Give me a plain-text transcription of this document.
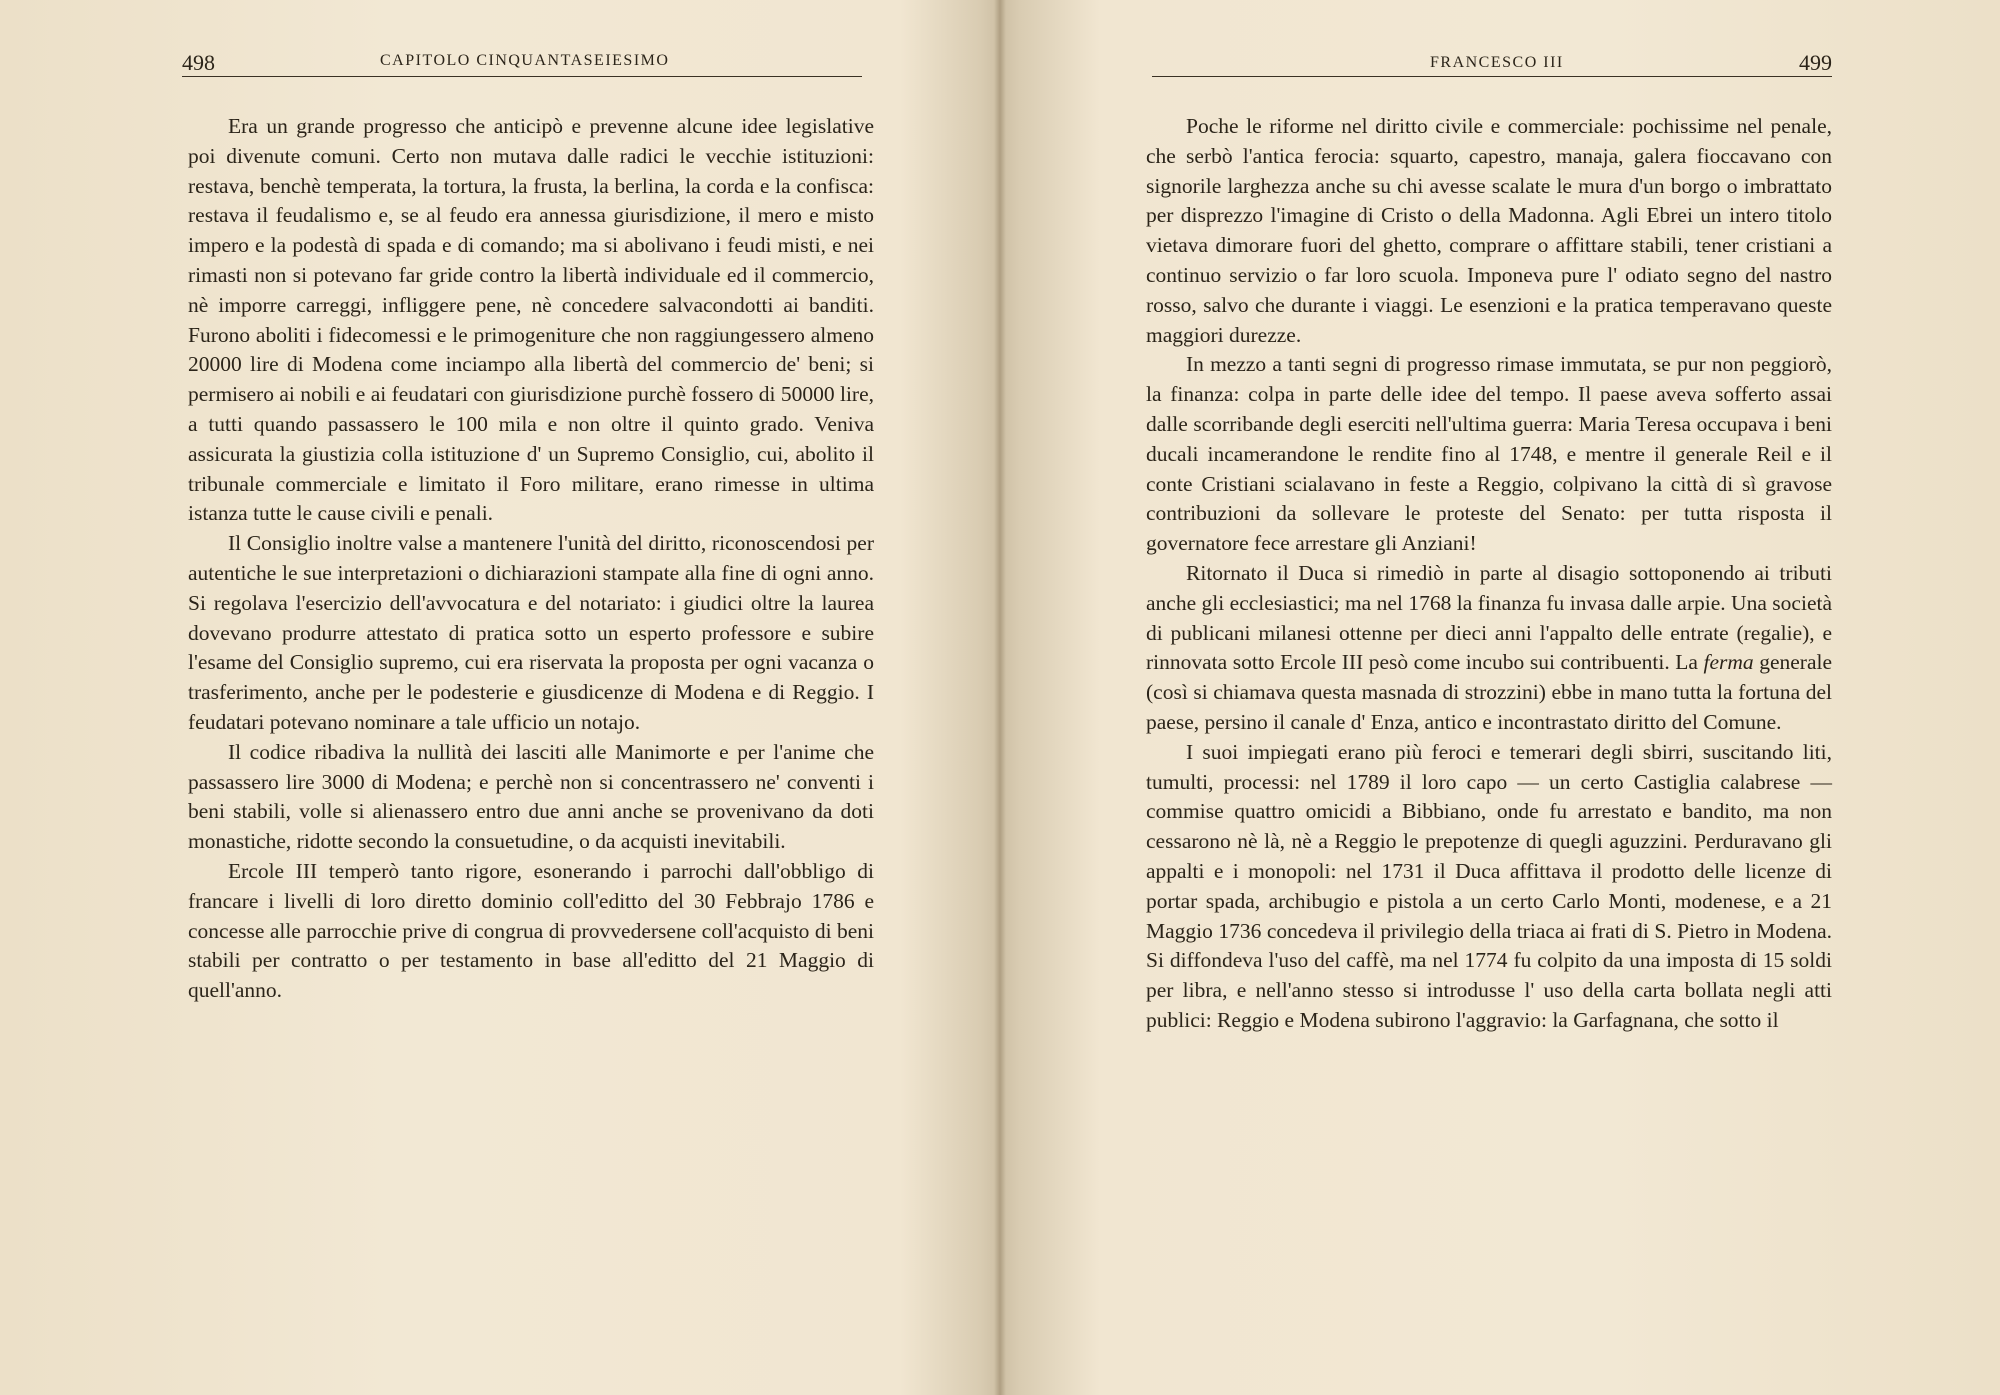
498	CAPITOLO CINQUANTASEIESIMO

Era un grande progresso che anticipò e prevenne alcune idee legislative poi divenute comuni. Certo non mutava dalle radici le vecchie istituzioni: restava, benchè temperata, la tortura, la frusta, la berlina, la corda e la confisca: restava il feudalismo e, se al feudo era annessa giurisdizione, il mero e misto impero e la podestà di spada e di comando; ma si abolivano i feudi misti, e nei rimasti non si potevano far gride contro la libertà individuale ed il commercio, nè imporre carreggi, infliggere pene, nè concedere salvacondotti ai banditi. Furono aboliti i fidecomessi e le primogeniture che non raggiungessero almeno 20000 lire di Modena come inciampo alla libertà del commercio de' beni; si permisero ai nobili e ai feudatari con giurisdizione purchè fossero di 50000 lire, a tutti quando passassero le 100 mila e non oltre il quinto grado. Veniva assicurata la giustizia colla istituzione d' un Supremo Consiglio, cui, abolito il tribunale commerciale e limitato il Foro militare, erano rimesse in ultima istanza tutte le cause civili e penali.

Il Consiglio inoltre valse a mantenere l'unità del diritto, riconoscendosi per autentiche le sue interpretazioni o dichiarazioni stampate alla fine di ogni anno. Si regolava l'esercizio dell'avvocatura e del notariato: i giudici oltre la laurea dovevano produrre attestato di pratica sotto un esperto professore e subire l'esame del Consiglio supremo, cui era riservata la proposta per ogni vacanza o trasferimento, anche per le podesterie e giusdicenze di Modena e di Reggio. I feudatari potevano nominare a tale ufficio un notajo.

Il codice ribadiva la nullità dei lasciti alle Manimorte e per l'anime che passassero lire 3000 di Modena; e perchè non si concentrassero ne' conventi i beni stabili, volle si alienassero entro due anni anche se provenivano da doti monastiche, ridotte secondo la consuetudine, o da acquisti inevitabili.

Ercole III temperò tanto rigore, esonerando i parrochi dall'obbligo di francare i livelli di loro diretto dominio coll'editto del 30 Febbrajo 1786 e concesse alle parrocchie prive di congrua di provvedersene coll'acquisto di beni stabili per contratto o per testamento in base all'editto del 21 Maggio di quell'anno.

FRANCESCO III	499

Poche le riforme nel diritto civile e commerciale: pochissime nel penale, che serbò l'antica ferocia: squarto, capestro, manaja, galera fioccavano con signorile larghezza anche su chi avesse scalate le mura d'un borgo o imbrattato per disprezzo l'imagine di Cristo o della Madonna. Agli Ebrei un intero titolo vietava dimorare fuori del ghetto, comprare o affittare stabili, tener cristiani a continuo servizio o far loro scuola. Imponeva pure l' odiato segno del nastro rosso, salvo che durante i viaggi. Le esenzioni e la pratica temperavano queste maggiori durezze.

In mezzo a tanti segni di progresso rimase immutata, se pur non peggiorò, la finanza: colpa in parte delle idee del tempo. Il paese aveva sofferto assai dalle scorribande degli eserciti nell'ultima guerra: Maria Teresa occupava i beni ducali incamerandone le rendite fino al 1748, e mentre il generale Reil e il conte Cristiani scialavano in feste a Reggio, colpivano la città di sì gravose contribuzioni da sollevare le proteste del Senato: per tutta risposta il governatore fece arrestare gli Anziani!

Ritornato il Duca si rimediò in parte al disagio sottoponendo ai tributi anche gli ecclesiastici; ma nel 1768 la finanza fu invasa dalle arpie. Una società di publicani milanesi ottenne per dieci anni l'appalto delle entrate (regalie), e rinnovata sotto Ercole III pesò come incubo sui contribuenti. La ferma generale (così si chiamava questa masnada di strozzini) ebbe in mano tutta la fortuna del paese, persino il canale d' Enza, antico e incontrastato diritto del Comune.

I suoi impiegati erano più feroci e temerari degli sbirri, suscitando liti, tumulti, processi: nel 1789 il loro capo — un certo Castiglia calabrese — commise quattro omicidi a Bibbiano, onde fu arrestato e bandito, ma non cessarono nè là, nè a Reggio le prepotenze di quegli aguzzini. Perduravano gli appalti e i monopoli: nel 1731 il Duca affittava il prodotto delle licenze di portar spada, archibugio e pistola a un certo Carlo Monti, modenese, e a 21 Maggio 1736 concedeva il privilegio della triaca ai frati di S. Pietro in Modena. Si diffondeva l'uso del caffè, ma nel 1774 fu colpito da una imposta di 15 soldi per libra, e nell'anno stesso si introdusse l' uso della carta bollata negli atti publici: Reggio e Modena subirono l'aggravio: la Garfagnana, che sotto il
